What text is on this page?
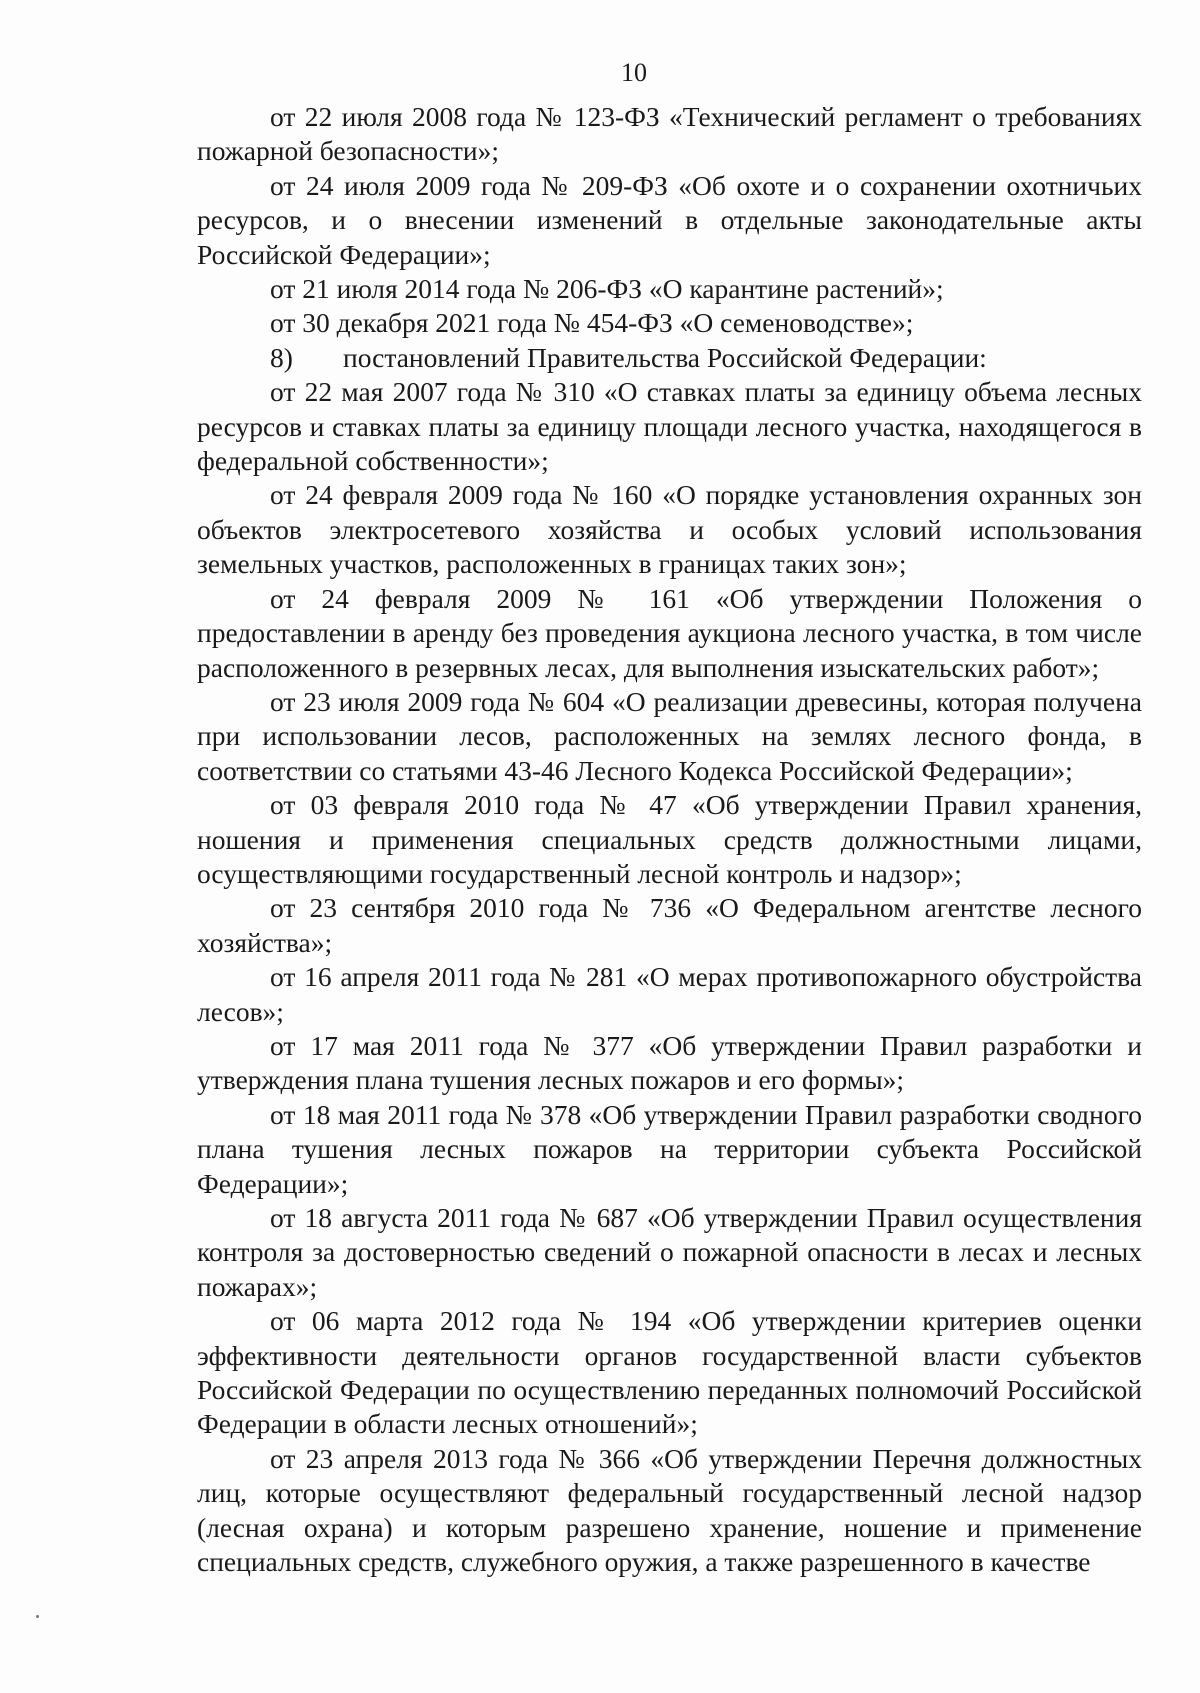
10

от 22 июля 2008 года № 123-ФЗ «Технический регламент о требованиях пожарной безопасности»;

от 24 июля 2009 года № 209-ФЗ «Об охоте и о сохранении охотничьих ресурсов, и о внесении изменений в отдельные законодательные акты Российской Федерации»;

от 21 июля 2014 года № 206-ФЗ «О карантине растений»;

от 30 декабря 2021 года № 454-ФЗ «О семеноводстве»;

8) постановлений Правительства Российской Федерации:

от 22 мая 2007 года № 310 «О ставках платы за единицу объема лесных ресурсов и ставках платы за единицу площади лесного участка, находящегося в федеральной собственности»;

от 24 февраля 2009 года № 160 «О порядке установления охранных зон объектов электросетевого хозяйства и особых условий использования земельных участков, расположенных в границах таких зон»;

от 24 февраля 2009 № 161 «Об утверждении Положения о предоставлении в аренду без проведения аукциона лесного участка, в том числе расположенного в резервных лесах, для выполнения изыскательских работ»;

от 23 июля 2009 года № 604 «О реализации древесины, которая получена при использовании лесов, расположенных на землях лесного фонда, в соответствии со статьями 43-46 Лесного Кодекса Российской Федерации»;

от 03 февраля 2010 года № 47 «Об утверждении Правил хранения, ношения и применения специальных средств должностными лицами, осуществляющими государственный лесной контроль и надзор»;

от 23 сентября 2010 года № 736 «О Федеральном агентстве лесного хозяйства»;

от 16 апреля 2011 года № 281 «О мерах противопожарного обустройства лесов»;

от 17 мая 2011 года № 377 «Об утверждении Правил разработки и утверждения плана тушения лесных пожаров и его формы»;

от 18 мая 2011 года № 378 «Об утверждении Правил разработки сводного плана тушения лесных пожаров на территории субъекта Российской Федерации»;

от 18 августа 2011 года № 687 «Об утверждении Правил осуществления контроля за достоверностью сведений о пожарной опасности в лесах и лесных пожарах»;

от 06 марта 2012 года № 194 «Об утверждении критериев оценки эффективности деятельности органов государственной власти субъектов Российской Федерации по осуществлению переданных полномочий Российской Федерации в области лесных отношений»;

от 23 апреля 2013 года № 366 «Об утверждении Перечня должностных лиц, которые осуществляют федеральный государственный лесной надзор (лесная охрана) и которым разрешено хранение, ношение и применение специальных средств, служебного оружия, а также разрешенного в качестве
